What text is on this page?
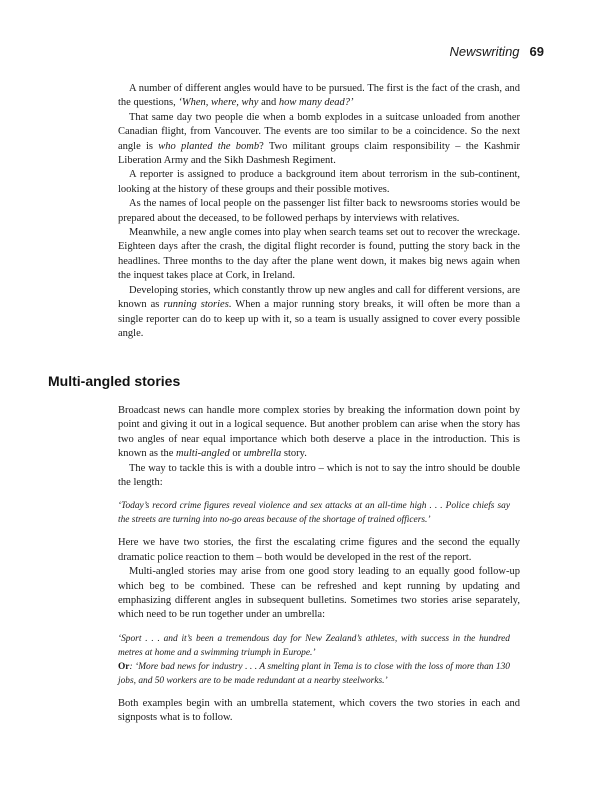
Newswriting 69

A number of different angles would have to be pursued. The first is the fact of the crash, and the questions, ‘When, where, why and how many dead?’

That same day two people die when a bomb explodes in a suitcase unloaded from another Canadian flight, from Vancouver. The events are too similar to be a coincidence. So the next angle is who planted the bomb? Two militant groups claim responsibility – the Kashmir Liberation Army and the Sikh Dashmesh Regiment.

A reporter is assigned to produce a background item about terrorism in the sub-continent, looking at the history of these groups and their possible motives.

As the names of local people on the passenger list filter back to newsrooms stories would be prepared about the deceased, to be followed perhaps by interviews with relatives.

Meanwhile, a new angle comes into play when search teams set out to recover the wreckage. Eighteen days after the crash, the digital flight recorder is found, putting the story back in the headlines. Three months to the day after the plane went down, it makes big news again when the inquest takes place at Cork, in Ireland.

Developing stories, which constantly throw up new angles and call for different versions, are known as running stories. When a major running story breaks, it will often be more than a single reporter can do to keep up with it, so a team is usually assigned to cover every possible angle.

Multi-angled stories

Broadcast news can handle more complex stories by breaking the information down point by point and giving it out in a logical sequence. But another problem can arise when the story has two angles of near equal importance which both deserve a place in the introduction. This is known as the multi-angled or umbrella story.

The way to tackle this is with a double intro – which is not to say the intro should be double the length:

‘Today’s record crime figures reveal violence and sex attacks at an all-time high . . . Police chiefs say the streets are turning into no-go areas because of the shortage of trained officers.’

Here we have two stories, the first the escalating crime figures and the second the equally dramatic police reaction to them – both would be developed in the rest of the report.

Multi-angled stories may arise from one good story leading to an equally good follow-up which beg to be combined. These can be refreshed and kept running by updating and emphasizing different angles in subsequent bulletins. Sometimes two stories arise separately, which need to be run together under an umbrella:

‘Sport . . . and it’s been a tremendous day for New Zealand’s athletes, with success in the hundred metres at home and a swimming triumph in Europe.’

Or: ‘More bad news for industry . . . A smelting plant in Tema is to close with the loss of more than 130 jobs, and 50 workers are to be made redundant at a nearby steelworks.’

Both examples begin with an umbrella statement, which covers the two stories in each and signposts what is to follow.
